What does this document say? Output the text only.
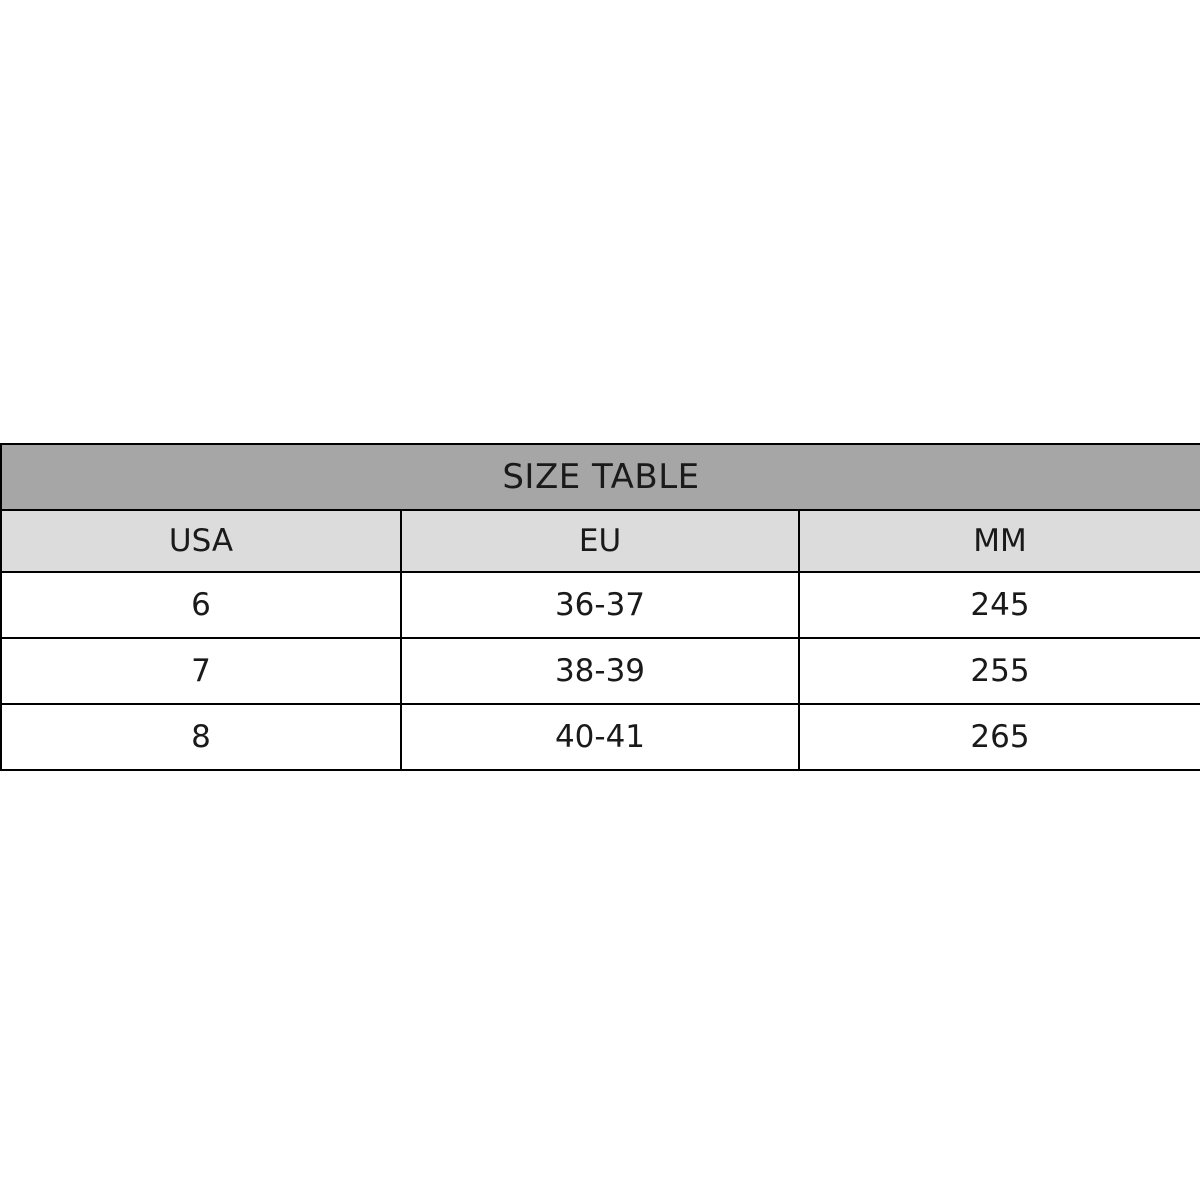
SIZE TABLE		
USA	EU	MM
6	36-37	245
7	38-39	255
8	40-41	265
